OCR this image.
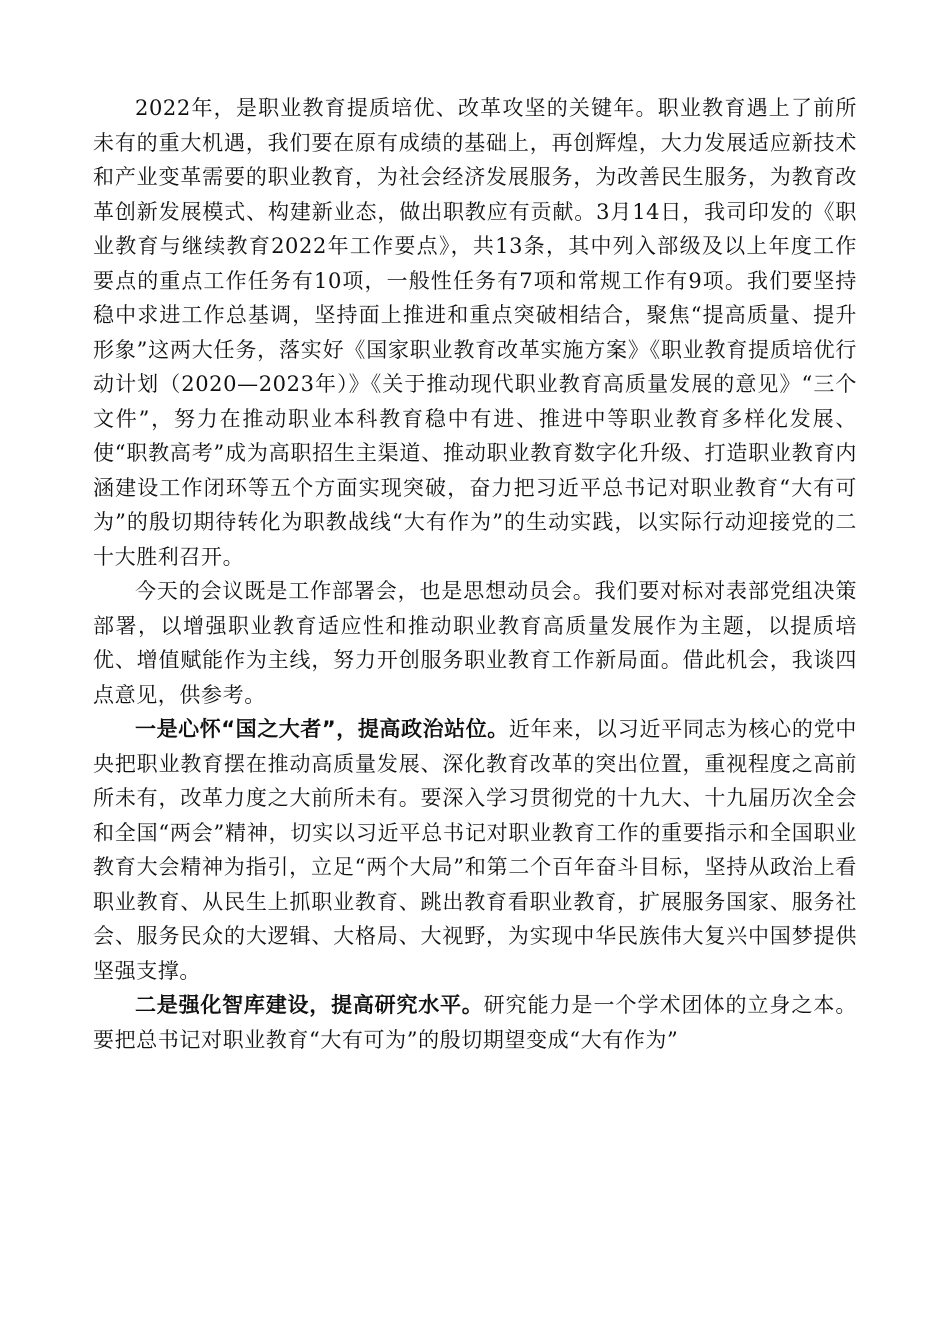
2022年，是职业教育提质培优、改革攻坚的关键年。职业教育遇上了前所未有的重大机遇，我们要在原有成绩的基础上，再创辉煌，大力发展适应新技术和产业变革需要的职业教育，为社会经济发展服务，为改善民生服务，为教育改革创新发展模式、构建新业态，做出职教应有贡献。3月14日，我司印发的《职业教育与继续教育2022年工作要点》，共13条，其中列入部级及以上年度工作要点的重点工作任务有10项，一般性任务有7项和常规工作有9项。我们要坚持稳中求进工作总基调，坚持面上推进和重点突破相结合，聚焦“提高质量、提升形象”这两大任务，落实好《国家职业教育改革实施方案》《职业教育提质培优行动计划（2020—2023年）》《关于推动现代职业教育高质量发展的意见》“三个文件”，努力在推动职业本科教育稳中有进、推进中等职业教育多样化发展、使“职教高考”成为高职招生主渠道、推动职业教育数字化升级、打造职业教育内涵建设工作闭环等五个方面实现突破，奋力把习近平总书记对职业教育“大有可为”的殷切期待转化为职教战线“大有作为”的生动实践，以实际行动迎接党的二十大胜利召开。

今天的会议既是工作部署会，也是思想动员会。我们要对标对表部党组决策部署，以增强职业教育适应性和推动职业教育高质量发展作为主题，以提质培优、增值赋能作为主线，努力开创服务职业教育工作新局面。借此机会，我谈四点意见，供参考。

一是心怀“国之大者”，提高政治站位。近年来，以习近平同志为核心的党中央把职业教育摆在推动高质量发展、深化教育改革的突出位置，重视程度之高前所未有，改革力度之大前所未有。要深入学习贯彻党的十九大、十九届历次全会和全国“两会”精神，切实以习近平总书记对职业教育工作的重要指示和全国职业教育大会精神为指引，立足“两个大局”和第二个百年奋斗目标，坚持从政治上看职业教育、从民生上抓职业教育、跳出教育看职业教育，扩展服务国家、服务社会、服务民众的大逻辑、大格局、大视野，为实现中华民族伟大复兴中国梦提供坚强支撑。

二是强化智库建设，提高研究水平。研究能力是一个学术团体的立身之本。要把总书记对职业教育“大有可为”的殷切期望变成“大有作为”
